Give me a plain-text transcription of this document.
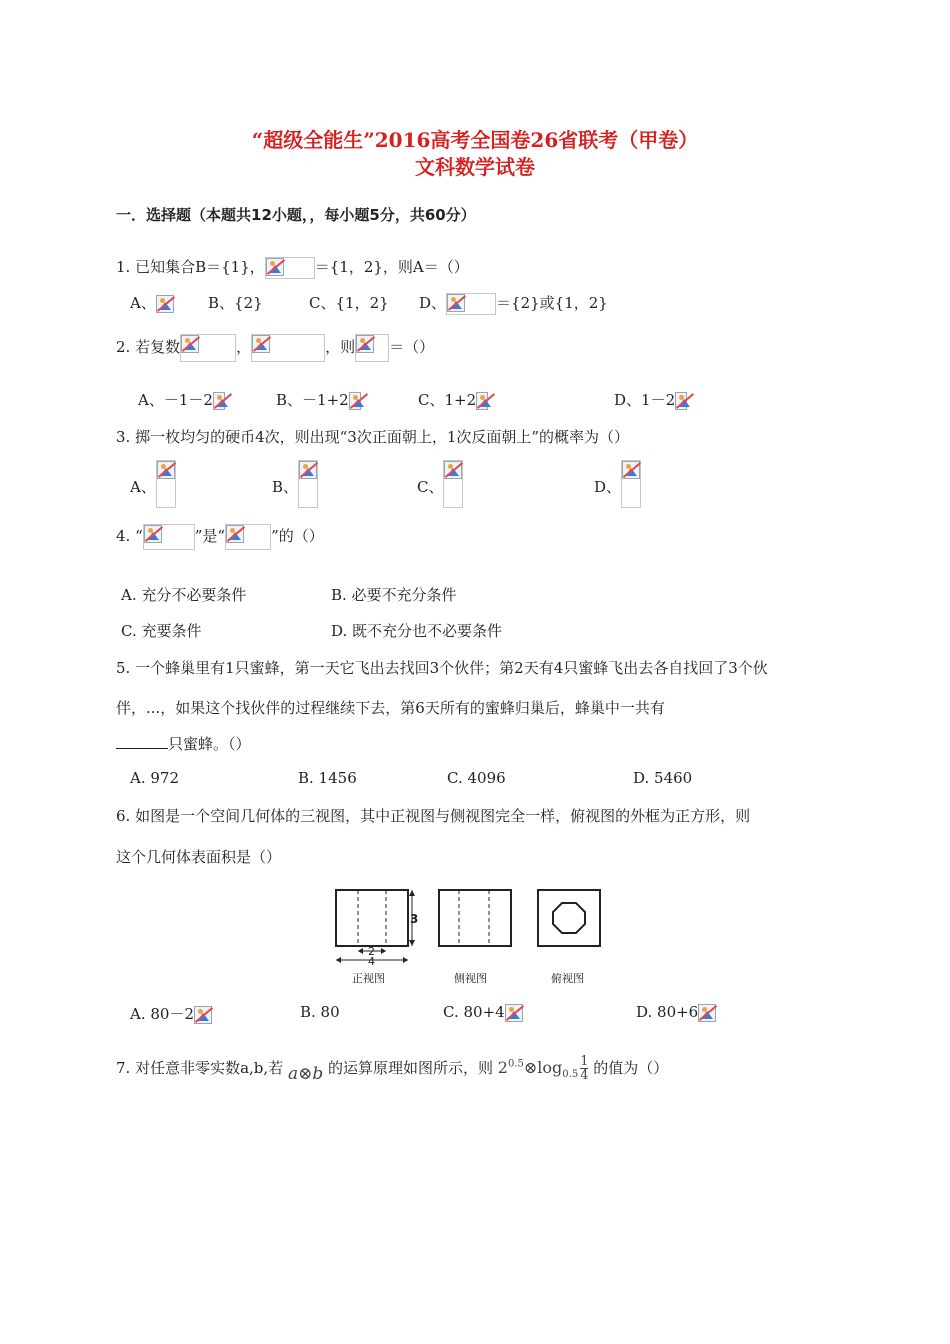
“超级全能生”2016高考全国卷26省联考（甲卷）
文科数学试卷
一．选择题（本题共12小题，，每小题5分，共60分）
1. 已知集合B＝{1}，	＝{1，2}，则A＝（）
A、	B、{2}	C、{1，2} D、	＝{2}或{1，2}
2. 若复数	，	，则 ＝（）
A、－1－2	B、－1+2	C、1+2	D、1－2
3. 掷一枚均匀的硬币4次，则出现“3次正面朝上，1次反面朝上”的概率为（）
A、	B、	C、	D、
4. “	”是“	”的（）
A. 充分不必要条件	B. 必要不充分条件
C. 充要条件	D. 既不充分也不必要条件
5. 一个蜂巢里有1只蜜蜂，第一天它飞出去找回3个伙伴；第2天有4只蜜蜂飞出去各自找回了3个伙
伴，...，如果这个找伙伴的过程继续下去，第6天所有的蜜蜂归巢后，蜂巢中一共有
只蜜蜂。（）
A. 972	B. 1456	C. 4096	D. 5460
6. 如图是一个空间几何体的三视图，其中正视图与侧视图完全一样，俯视图的外框为正方形，则
这个几何体表面积是（）
3
2
4
正视图	侧视图	俯视图
A. 80－2	B. 80	C. 80+4	D. 80+6
7. 对任意非零实数a,b,若 a⊗b 的运算原理如图所示，则 $2^{0.5}\otimes\log_{0.5} \frac{1}{4}$ 的值为（）
